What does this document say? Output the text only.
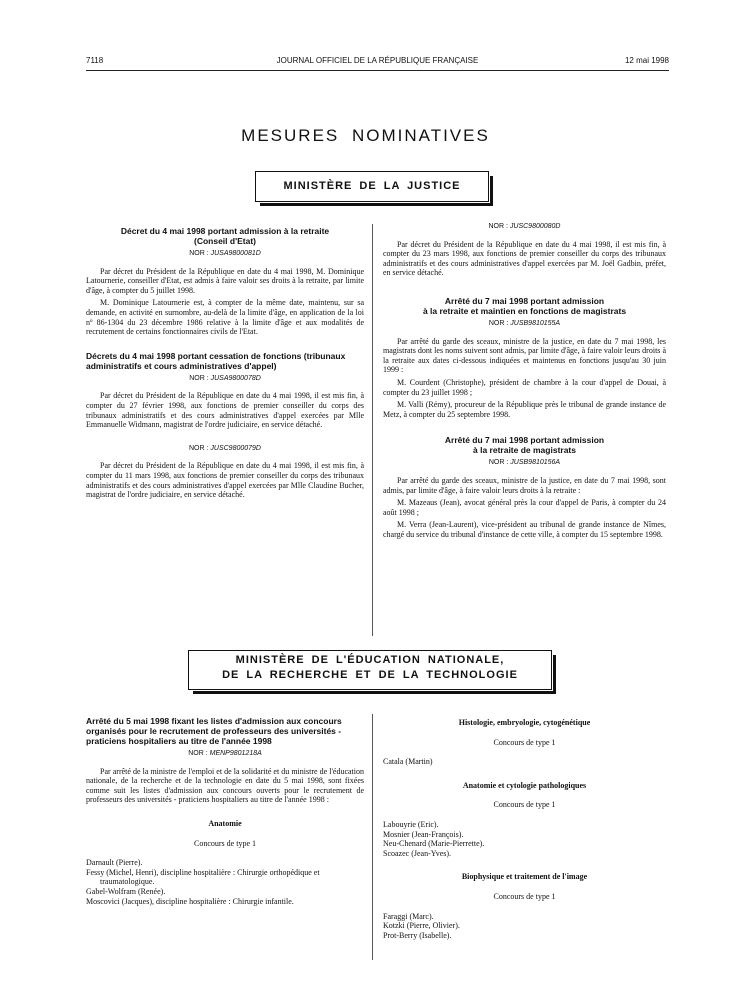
7118	JOURNAL OFFICIEL DE LA RÉPUBLIQUE FRANÇAISE	12 mai 1998
MESURES NOMINATIVES
MINISTÈRE DE LA JUSTICE

Décret du 4 mai 1998 portant admission à la retraite
(Conseil d'Etat)

NOR : JUSA9800081D

Par décret du Président de la République en date du 4 mai 1998, M. Dominique Latournerie, conseiller d'Etat, est admis à faire valoir ses droits à la retraite, par limite d'âge, à compter du 5 juillet 1998.

M. Dominique Latournerie est, à compter de la même date, maintenu, sur sa demande, en activité en surnombre, au-delà de la limite d'âge, en application de la loi nº 86-1304 du 23 décembre 1986 relative à la limite d'âge et aux modalités de recrutement de certains fonctionnaires civils de l'Etat.

Décrets du 4 mai 1998 portant cessation de fonctions (tribunaux administratifs et cours administratives d'appel)

NOR : JUSA9800078D

Par décret du Président de la République en date du 4 mai 1998, il est mis fin, à compter du 27 février 1998, aux fonctions de premier conseiller du corps des tribunaux administratifs et des cours administratives d'appel exercées par Mlle Emmanuelle Widmann, magistrat de l'ordre judiciaire, en service détaché.

NOR : JUSC9800079D

Par décret du Président de la République en date du 4 mai 1998, il est mis fin, à compter du 11 mars 1998, aux fonctions de premier conseiller du corps des tribunaux administratifs et des cours administratives d'appel exercées par Mlle Claudine Bucher, magistrat de l'ordre judiciaire, en service détaché.

NOR : JUSC9800080D

Par décret du Président de la République en date du 4 mai 1998, il est mis fin, à compter du 23 mars 1998, aux fonctions de premier conseiller du corps des tribunaux administratifs et des cours administratives d'appel exercées par M. Joël Gadbin, préfet, en service détaché.

Arrêté du 7 mai 1998 portant admission
à la retraite et maintien en fonctions de magistrats

NOR : JUSB9810155A

Par arrêté du garde des sceaux, ministre de la justice, en date du 7 mai 1998, les magistrats dont les noms suivent sont admis, par limite d'âge, à faire valoir leurs droits à la retraite aux dates ci-dessous indiquées et maintenus en fonctions jusqu'au 30 juin 1999 :

M. Courdent (Christophe), président de chambre à la cour d'appel de Douai, à compter du 23 juillet 1998 ;

M. Valli (Rémy), procureur de la République près le tribunal de grande instance de Metz, à compter du 25 septembre 1998.

Arrêté du 7 mai 1998 portant admission
à la retraite de magistrats

NOR : JUSB9810156A

Par arrêté du garde des sceaux, ministre de la justice, en date du 7 mai 1998, sont admis, par limite d'âge, à faire valoir leurs droits à la retraite :

M. Mazeaus (Jean), avocat général près la cour d'appel de Paris, à compter du 24 août 1998 ;

M. Verra (Jean-Laurent), vice-président au tribunal de grande instance de Nîmes, chargé du service du tribunal d'instance de cette ville, à compter du 15 septembre 1998.

MINISTÈRE DE L'ÉDUCATION NATIONALE,
DE LA RECHERCHE ET DE LA TECHNOLOGIE

Arrêté du 5 mai 1998 fixant les listes d'admission aux concours organisés pour le recrutement de professeurs des universités - praticiens hospitaliers au titre de l'année 1998

NOR : MENP9801218A

Par arrêté de la ministre de l'emploi et de la solidarité et du ministre de l'éducation nationale, de la recherche et de la technologie en date du 5 mai 1998, sont fixées comme suit les listes d'admission aux concours ouverts pour le recrutement de professeurs des universités - praticiens hospitaliers au titre de l'année 1998 :

Anatomie

Concours de type 1

Darnault (Pierre).

Fessy (Michel, Henri), discipline hospitalière : Chirurgie orthopédique et traumatologique.

Gabel-Wolfram (Renée).

Moscovici (Jacques), discipline hospitalière : Chirurgie infantile.

Histologie, embryologie, cytogénétique

Concours de type 1

Catala (Martin)

Anatomie et cytologie pathologiques

Concours de type 1

Labouyrie (Eric).

Mosnier (Jean-François).

Neu-Chenard (Marie-Pierrette).

Scoazec (Jean-Yves).

Biophysique et traitement de l'image

Concours de type 1

Faraggi (Marc).

Kotzki (Pierre, Olivier).

Prot-Berry (Isabelle).
